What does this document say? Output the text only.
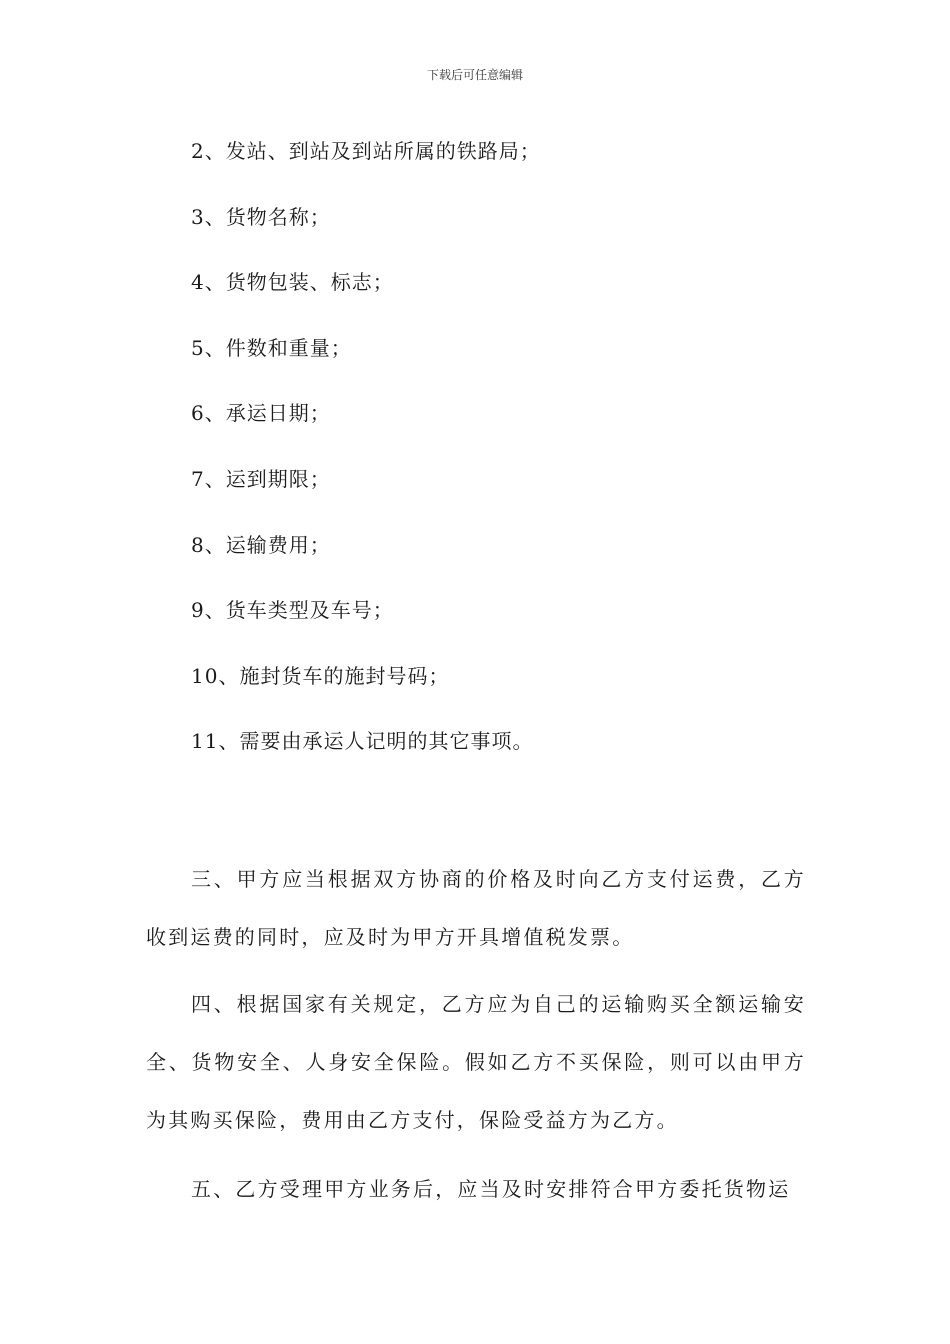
下载后可任意编辑
2、发站、到站及到站所属的铁路局；
3、货物名称；
4、货物包装、标志；
5、件数和重量；
6、承运日期；
7、运到期限；
8、运输费用；
9、货车类型及车号；
10、施封货车的施封号码；
11、需要由承运人记明的其它事项。

三、甲方应当根据双方协商的价格及时向乙方支付运费，乙方收到运费的同时，应及时为甲方开具增值税发票。

四、根据国家有关规定，乙方应为自己的运输购买全额运输安全、货物安全、人身安全保险。假如乙方不买保险，则可以由甲方为其购买保险，费用由乙方支付，保险受益方为乙方。

五、乙方受理甲方业务后，应当及时安排符合甲方委托货物运
